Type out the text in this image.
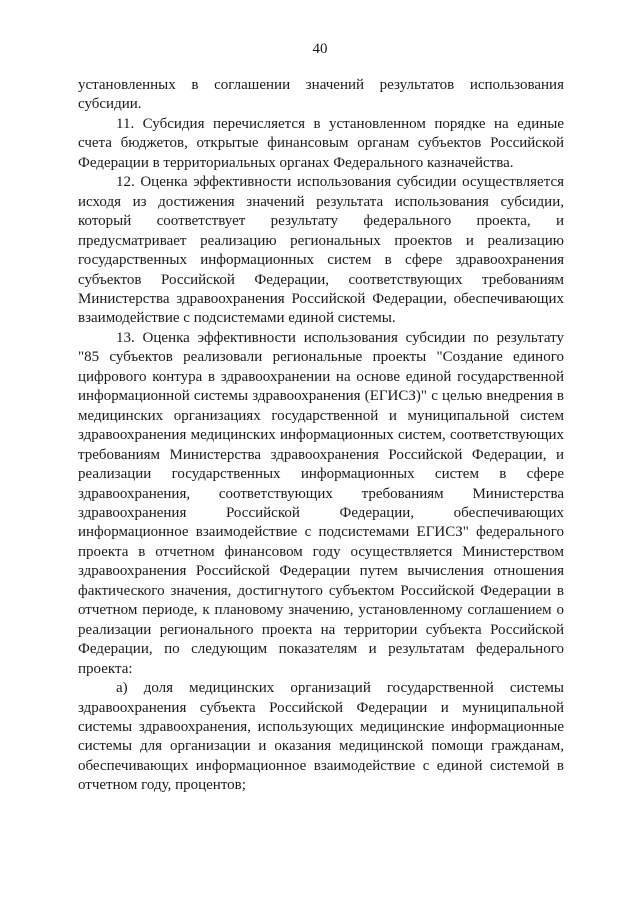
40

установленных в соглашении значений результатов использования субсидии.

11. Субсидия перечисляется в установленном порядке на единые счета бюджетов, открытые финансовым органам субъектов Российской Федерации в территориальных органах Федерального казначейства.

12. Оценка эффективности использования субсидии осуществляется исходя из достижения значений результата использования субсидии, который соответствует результату федерального проекта, и предусматривает реализацию региональных проектов и реализацию государственных информационных систем в сфере здравоохранения субъектов Российской Федерации, соответствующих требованиям Министерства здравоохранения Российской Федерации, обеспечивающих взаимодействие с подсистемами единой системы.

13. Оценка эффективности использования субсидии по результату "85 субъектов реализовали региональные проекты "Создание единого цифрового контура в здравоохранении на основе единой государственной информационной системы здравоохранения (ЕГИСЗ)" с целью внедрения в медицинских организациях государственной и муниципальной систем здравоохранения медицинских информационных систем, соответствующих требованиям Министерства здравоохранения Российской Федерации, и реализации государственных информационных систем в сфере здравоохранения, соответствующих требованиям Министерства здравоохранения Российской Федерации, обеспечивающих информационное взаимодействие с подсистемами ЕГИСЗ" федерального проекта в отчетном финансовом году осуществляется Министерством здравоохранения Российской Федерации путем вычисления отношения фактического значения, достигнутого субъектом Российской Федерации в отчетном периоде, к плановому значению, установленному соглашением о реализации регионального проекта на территории субъекта Российской Федерации, по следующим показателям и результатам федерального проекта:

а) доля медицинских организаций государственной системы здравоохранения субъекта Российской Федерации и муниципальной системы здравоохранения, использующих медицинские информационные системы для организации и оказания медицинской помощи гражданам, обеспечивающих информационное взаимодействие с единой системой в отчетном году, процентов;
